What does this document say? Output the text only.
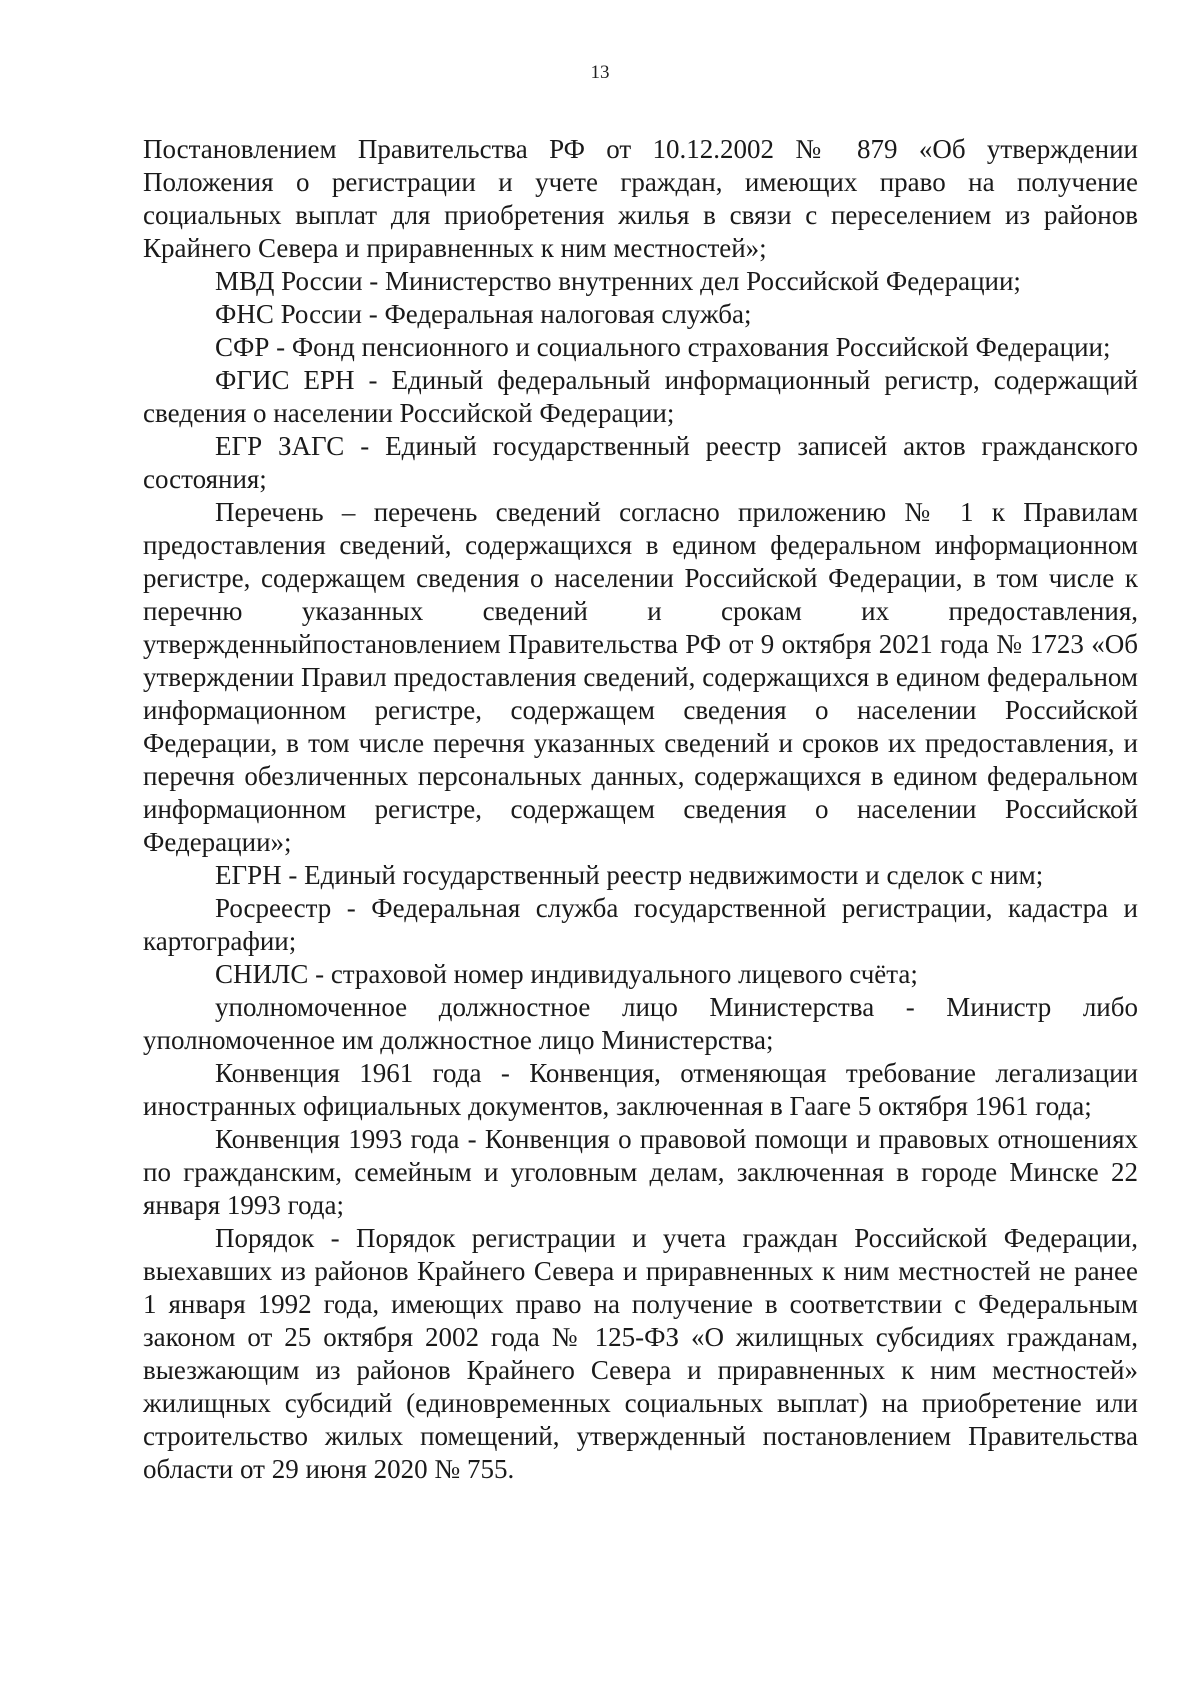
13

Постановлением Правительства РФ от 10.12.2002 № 879 «Об утверждении Положения о регистрации и учете граждан, имеющих право на получение социальных выплат для приобретения жилья в связи с переселением из районов Крайнего Севера и приравненных к ним местностей»;

МВД России - Министерство внутренних дел Российской Федерации;

ФНС России - Федеральная налоговая служба;

СФР - Фонд пенсионного и социального страхования Российской Федерации;

ФГИС ЕРН - Единый федеральный информационный регистр, содержащий сведения о населении Российской Федерации;

ЕГР ЗАГС - Единый государственный реестр записей актов гражданского состояния;

Перечень – перечень сведений согласно приложению № 1 к Правилам предоставления сведений, содержащихся в едином федеральном информационном регистре, содержащем сведения о населении Российской Федерации, в том числе к перечню указанных сведений и срокам их предоставления, утвержденныйпостановлением Правительства РФ от 9 октября 2021 года № 1723 «Об утверждении Правил предоставления сведений, содержащихся в едином федеральном информационном регистре, содержащем сведения о населении Российской Федерации, в том числе перечня указанных сведений и сроков их предоставления, и перечня обезличенных персональных данных, содержащихся в едином федеральном информационном регистре, содержащем сведения о населении Российской Федерации»;

ЕГРН - Единый государственный реестр недвижимости и сделок с ним;

Росреестр - Федеральная служба государственной регистрации, кадастра и картографии;

СНИЛС - страховой номер индивидуального лицевого счёта;

уполномоченное должностное лицо Министерства - Министр либо уполномоченное им должностное лицо Министерства;

Конвенция 1961 года - Конвенция, отменяющая требование легализации иностранных официальных документов, заключенная в Гааге 5 октября 1961 года;

Конвенция 1993 года - Конвенция о правовой помощи и правовых отношениях по гражданским, семейным и уголовным делам, заключенная в городе Минске 22 января 1993 года;

Порядок - Порядок регистрации и учета граждан Российской Федерации, выехавших из районов Крайнего Севера и приравненных к ним местностей не ранее 1 января 1992 года, имеющих право на получение в соответствии с Федеральным законом от 25 октября 2002 года № 125-ФЗ «О жилищных субсидиях гражданам, выезжающим из районов Крайнего Севера и приравненных к ним местностей» жилищных субсидий (единовременных социальных выплат) на приобретение или строительство жилых помещений, утвержденный постановлением Правительства области от 29 июня 2020 № 755.
